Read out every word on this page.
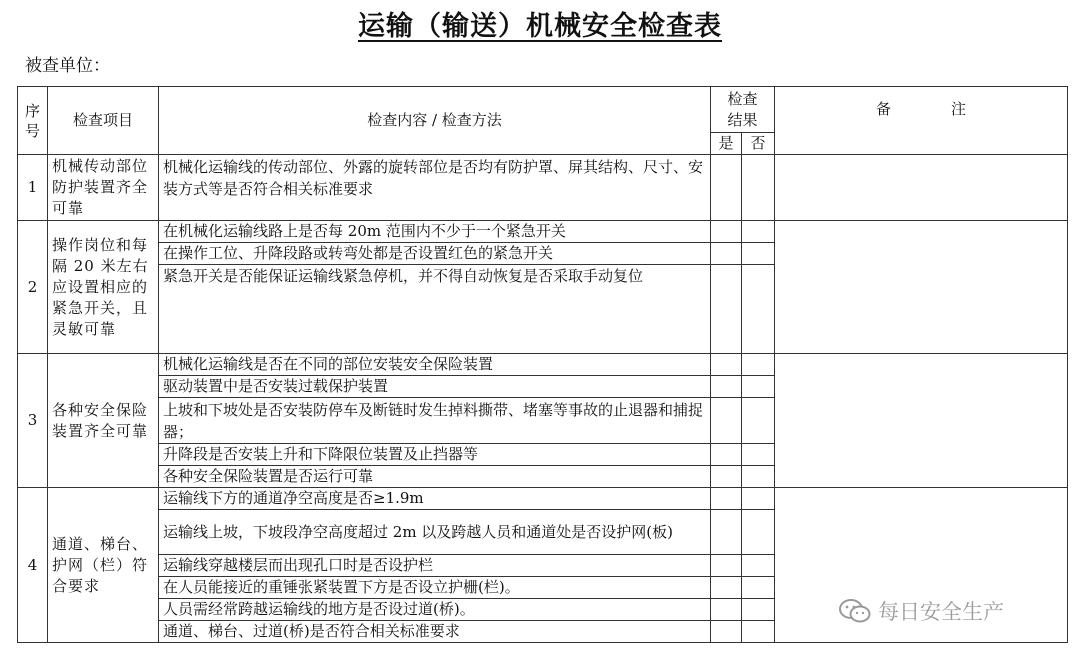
运输（输送）机械安全检查表
被查单位：
序号	检查项目	检查内容 / 检查方法	检查结果		备　　　　注
			是	否	
1	机械传动部位防护装置齐全可靠	机械化运输线的传动部位、外露的旋转部位是否均有防护罩、屏其结构、尺寸、安装方式等是否符合相关标准要求			
2	操作岗位和每隔 20 米左右应设置相应的紧急开关，且灵敏可靠	在机械化运输线路上是否每 20m 范围内不少于一个紧急开关			
		在操作工位、升降段路或转弯处都是否设置红色的紧急开关			
		紧急开关是否能保证运输线紧急停机，并不得自动恢复是否采取手动复位			
3	各种安全保险装置齐全可靠	机械化运输线是否在不同的部位安装安全保险装置			
		驱动装置中是否安装过载保护装置			
		上坡和下坡处是否安装防停车及断链时发生掉料撕带、堵塞等事故的止退器和捕捉器；			
		升降段是否安装上升和下降限位装置及止挡器等			
		各种安全保险装置是否运行可靠			
4	通道、梯台、护网（栏）符合要求	运输线下方的通道净空高度是否≥1.9m			
		运输线上坡，下坡段净空高度超过 2m 以及跨越人员和通道处是否设护网(板)			
		运输线穿越楼层而出现孔口时是否设护栏			
		在人员能接近的重锤张紧装置下方是否设立护栅(栏)。			
		人员需经常跨越运输线的地方是否设过道(桥)。			
		通道、梯台、过道(桥)是否符合相关标准要求			
每日安全生产
